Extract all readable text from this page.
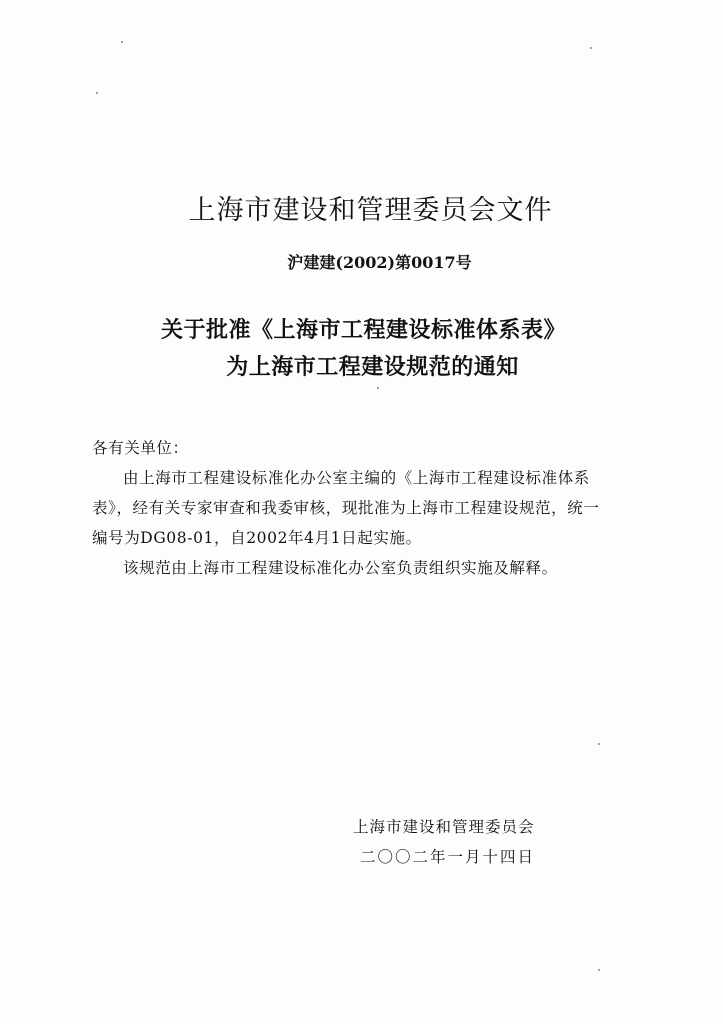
上海市建设和管理委员会文件
沪建建(2002)第0017号
关于批准《上海市工程建设标准体系表》
为上海市工程建设规范的通知

各有关单位：

由上海市工程建设标准化办公室主编的《上海市工程建设标准体系表》，经有关专家审查和我委审核，现批准为上海市工程建设规范，统一编号为DG08-01，自2002年4月1日起实施。

该规范由上海市工程建设标准化办公室负责组织实施及解释。

上海市建设和管理委员会
二〇〇二年一月十四日
